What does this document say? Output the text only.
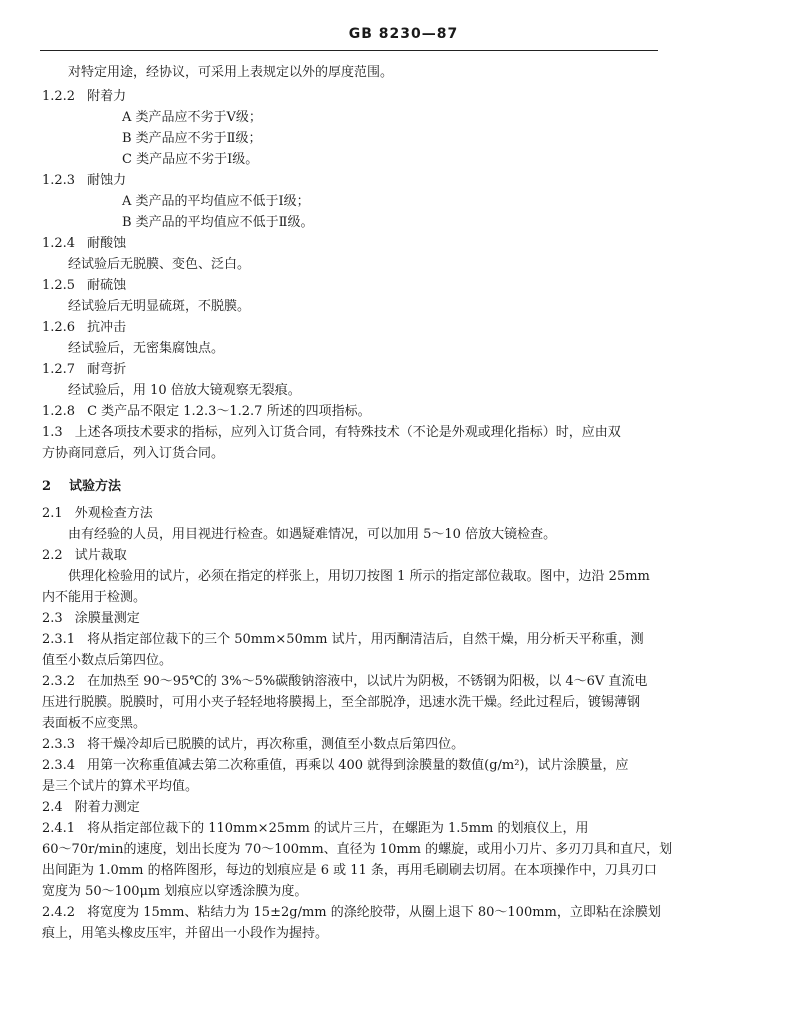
GB 8230—87
对特定用途，经协议，可采用上表规定以外的厚度范围。
1.2.2 附着力
A 类产品应不劣于Ⅴ级；
B 类产品应不劣于Ⅱ级；
C 类产品应不劣于Ⅰ级。
1.2.3 耐蚀力
A 类产品的平均值应不低于Ⅰ级；
B 类产品的平均值应不低于Ⅱ级。
1.2.4 耐酸蚀
经试验后无脱膜、变色、泛白。
1.2.5 耐硫蚀
经试验后无明显硫斑，不脱膜。
1.2.6 抗冲击
经试验后，无密集腐蚀点。
1.2.7 耐弯折
经试验后，用 10 倍放大镜观察无裂痕。
1.2.8 C 类产品不限定 1.2.3～1.2.7 所述的四项指标。
1.3 上述各项技术要求的指标，应列入订货合同，有特殊技术（不论是外观或理化指标）时，应由双
方协商同意后，列入订货合同。
2 试验方法
2.1 外观检查方法
由有经验的人员，用目视进行检查。如遇疑难情况，可以加用 5～10 倍放大镜检查。
2.2 试片裁取
供理化检验用的试片，必须在指定的样张上，用切刀按图 1 所示的指定部位裁取。图中，边沿 25mm
内不能用于检测。
2.3 涂膜量测定
2.3.1 将从指定部位裁下的三个 50mm×50mm 试片，用丙酮清洁后，自然干燥，用分析天平称重，测
值至小数点后第四位。
2.3.2 在加热至 90～95℃的 3%～5%碳酸钠溶液中，以试片为阴极，不锈钢为阳极，以 4～6V 直流电
压进行脱膜。脱膜时，可用小夹子轻轻地将膜揭上，至全部脱净，迅速水洗干燥。经此过程后，镀锡薄钢
表面板不应变黑。
2.3.3 将干燥冷却后已脱膜的试片，再次称重，测值至小数点后第四位。
2.3.4 用第一次称重值减去第二次称重值，再乘以 400 就得到涂膜量的数值(g/m²)，试片涂膜量，应
是三个试片的算术平均值。
2.4 附着力测定
2.4.1 将从指定部位裁下的 110mm×25mm 的试片三片，在螺距为 1.5mm 的划痕仪上，用
60～70r/min的速度，划出长度为 70～100mm、直径为 10mm 的螺旋，或用小刀片、多刃刀具和直尺，划
出间距为 1.0mm 的格阵图形，每边的划痕应是 6 或 11 条，再用毛刷刷去切屑。在本项操作中，刀具刃口
宽度为 50～100μm 划痕应以穿透涂膜为度。
2.4.2 将宽度为 15mm、粘结力为 15±2g/mm 的涤纶胶带，从圈上退下 80～100mm，立即粘在涂膜划
痕上，用笔头橡皮压牢，并留出一小段作为握持。
